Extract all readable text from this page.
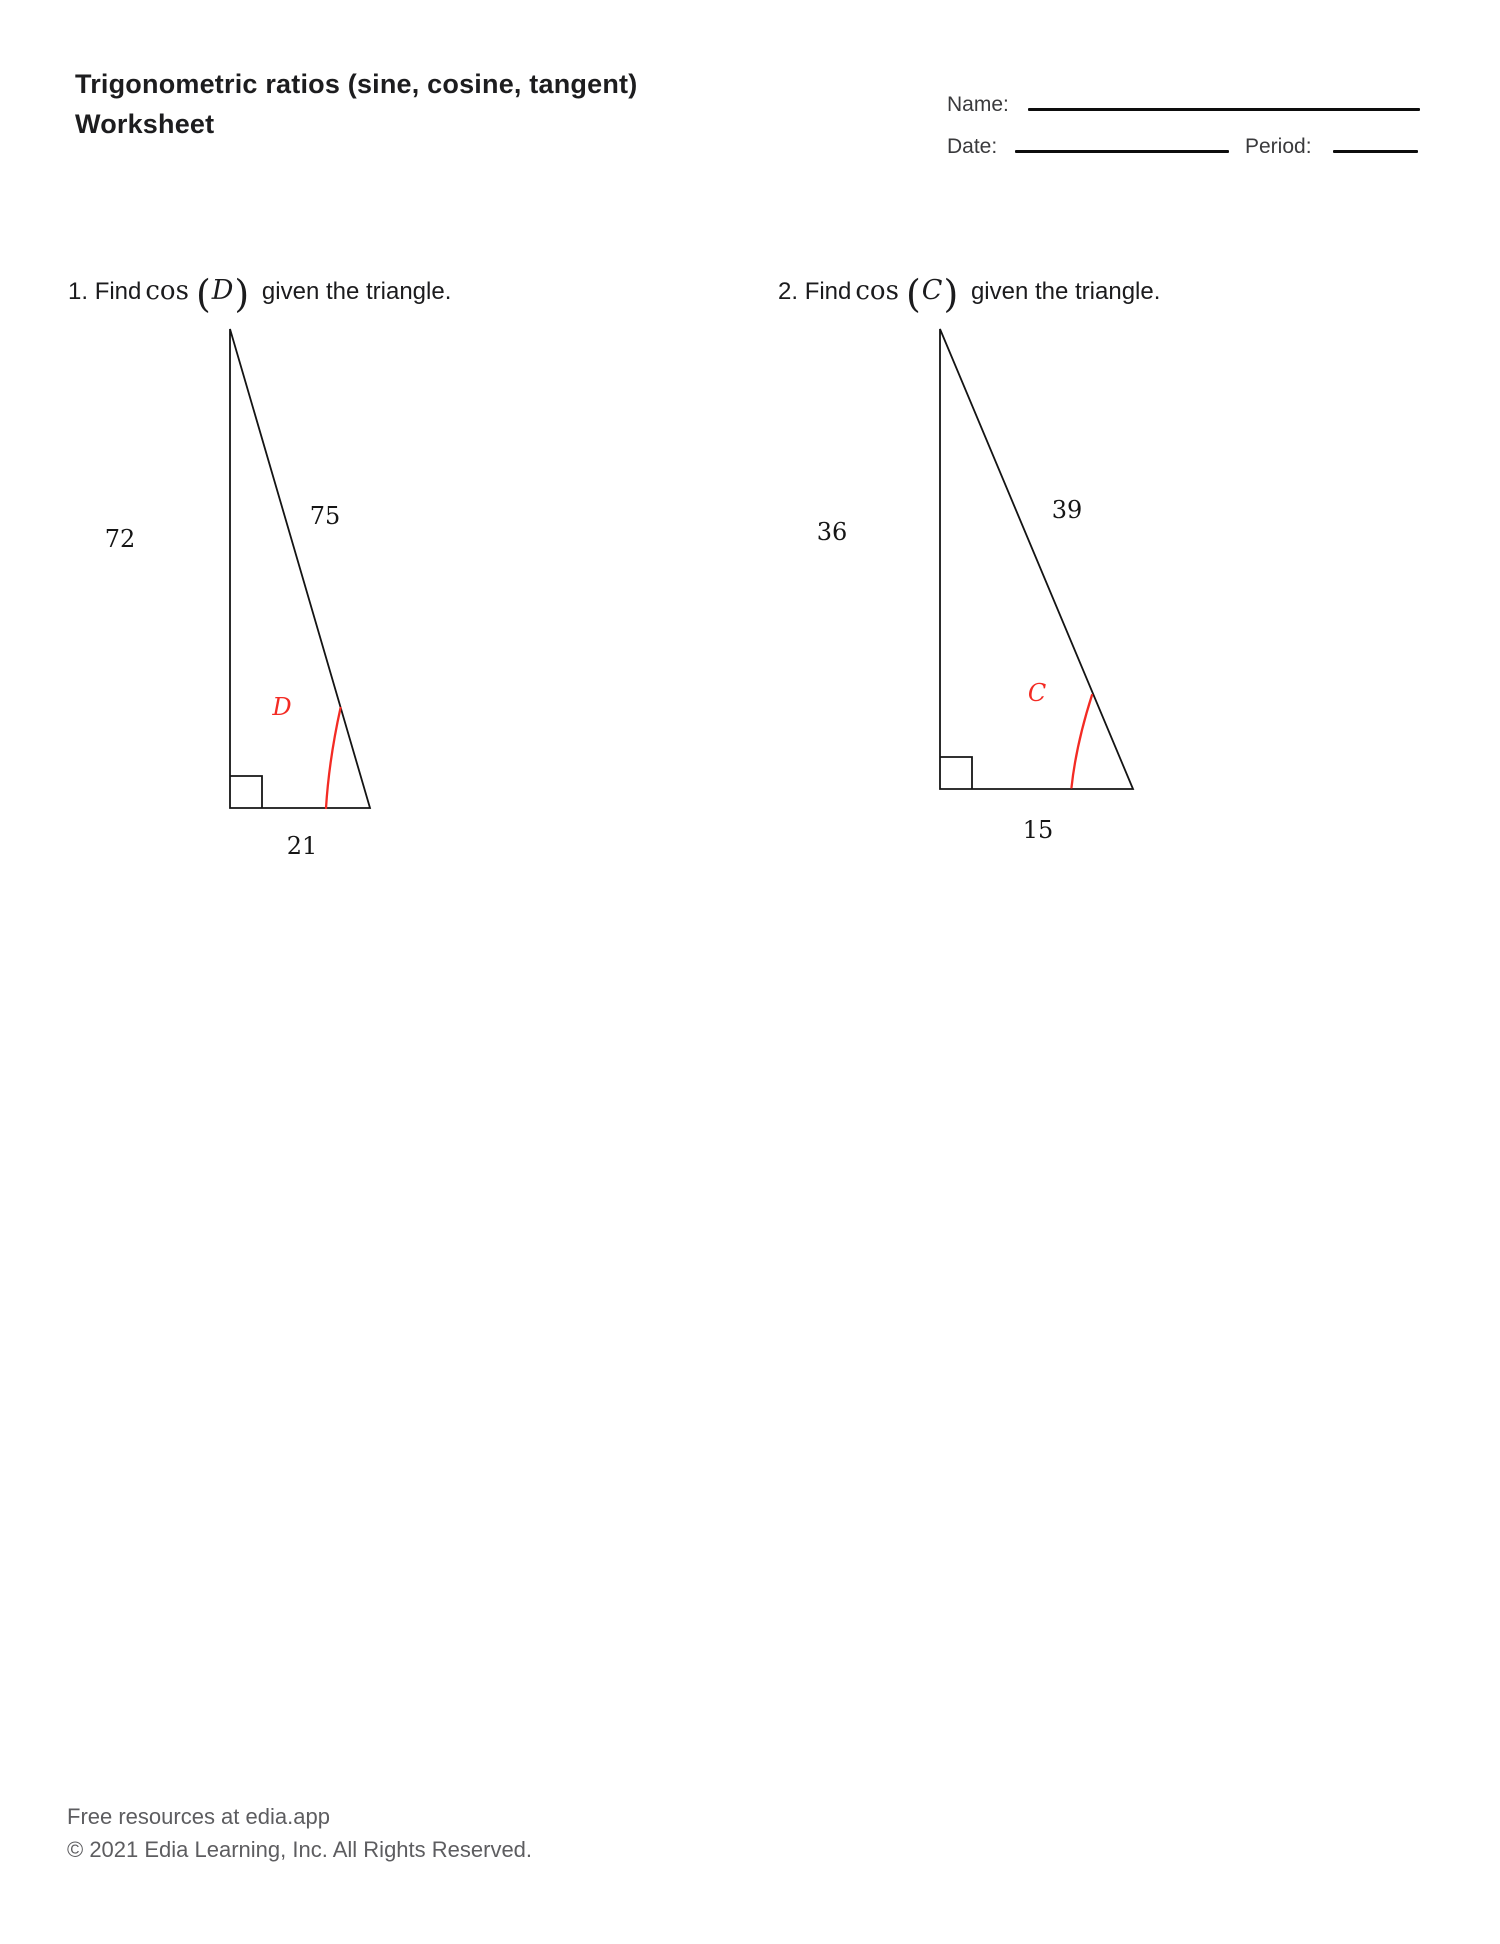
Trigonometric ratios (sine, cosine, tangent)
Worksheet
Name:
Date:	Period:
1. Find cos (D) given the triangle.	2. Find cos (C) given the triangle.
72
75
21
D
36
39
15
C
Free resources at edia.app
© 2021 Edia Learning, Inc. All Rights Reserved.
